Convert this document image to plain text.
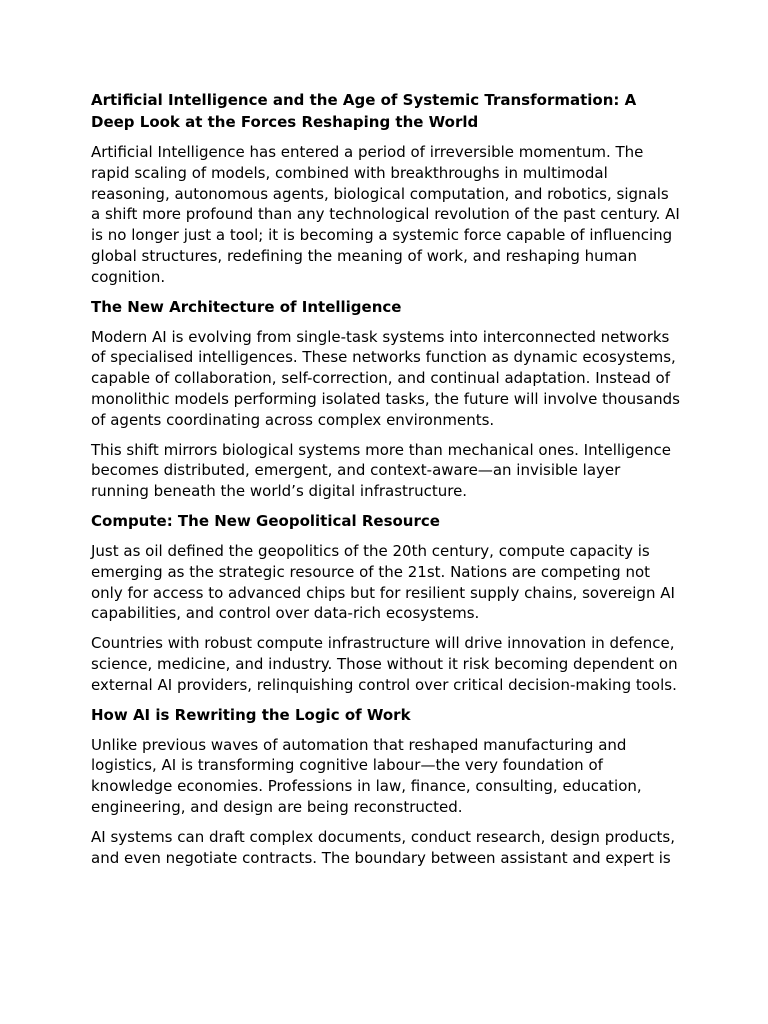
Artificial Intelligence and the Age of Systemic Transformation: A Deep Look at the Forces Reshaping the World
Artificial Intelligence has entered a period of irreversible momentum. The rapid scaling of models, combined with breakthroughs in multimodal reasoning, autonomous agents, biological computation, and robotics, signals a shift more profound than any technological revolution of the past century. AI is no longer just a tool; it is becoming a systemic force capable of influencing global structures, redefining the meaning of work, and reshaping human cognition.
The New Architecture of Intelligence
Modern AI is evolving from single-task systems into interconnected networks of specialised intelligences. These networks function as dynamic ecosystems, capable of collaboration, self-correction, and continual adaptation. Instead of monolithic models performing isolated tasks, the future will involve thousands of agents coordinating across complex environments.
This shift mirrors biological systems more than mechanical ones. Intelligence becomes distributed, emergent, and context-aware—an invisible layer running beneath the world’s digital infrastructure.
Compute: The New Geopolitical Resource
Just as oil defined the geopolitics of the 20th century, compute capacity is emerging as the strategic resource of the 21st. Nations are competing not only for access to advanced chips but for resilient supply chains, sovereign AI capabilities, and control over data-rich ecosystems.
Countries with robust compute infrastructure will drive innovation in defence, science, medicine, and industry. Those without it risk becoming dependent on external AI providers, relinquishing control over critical decision-making tools.
How AI is Rewriting the Logic of Work
Unlike previous waves of automation that reshaped manufacturing and logistics, AI is transforming cognitive labour—the very foundation of knowledge economies. Professions in law, finance, consulting, education, engineering, and design are being reconstructed.
AI systems can draft complex documents, conduct research, design products, and even negotiate contracts. The boundary between assistant and expert is
